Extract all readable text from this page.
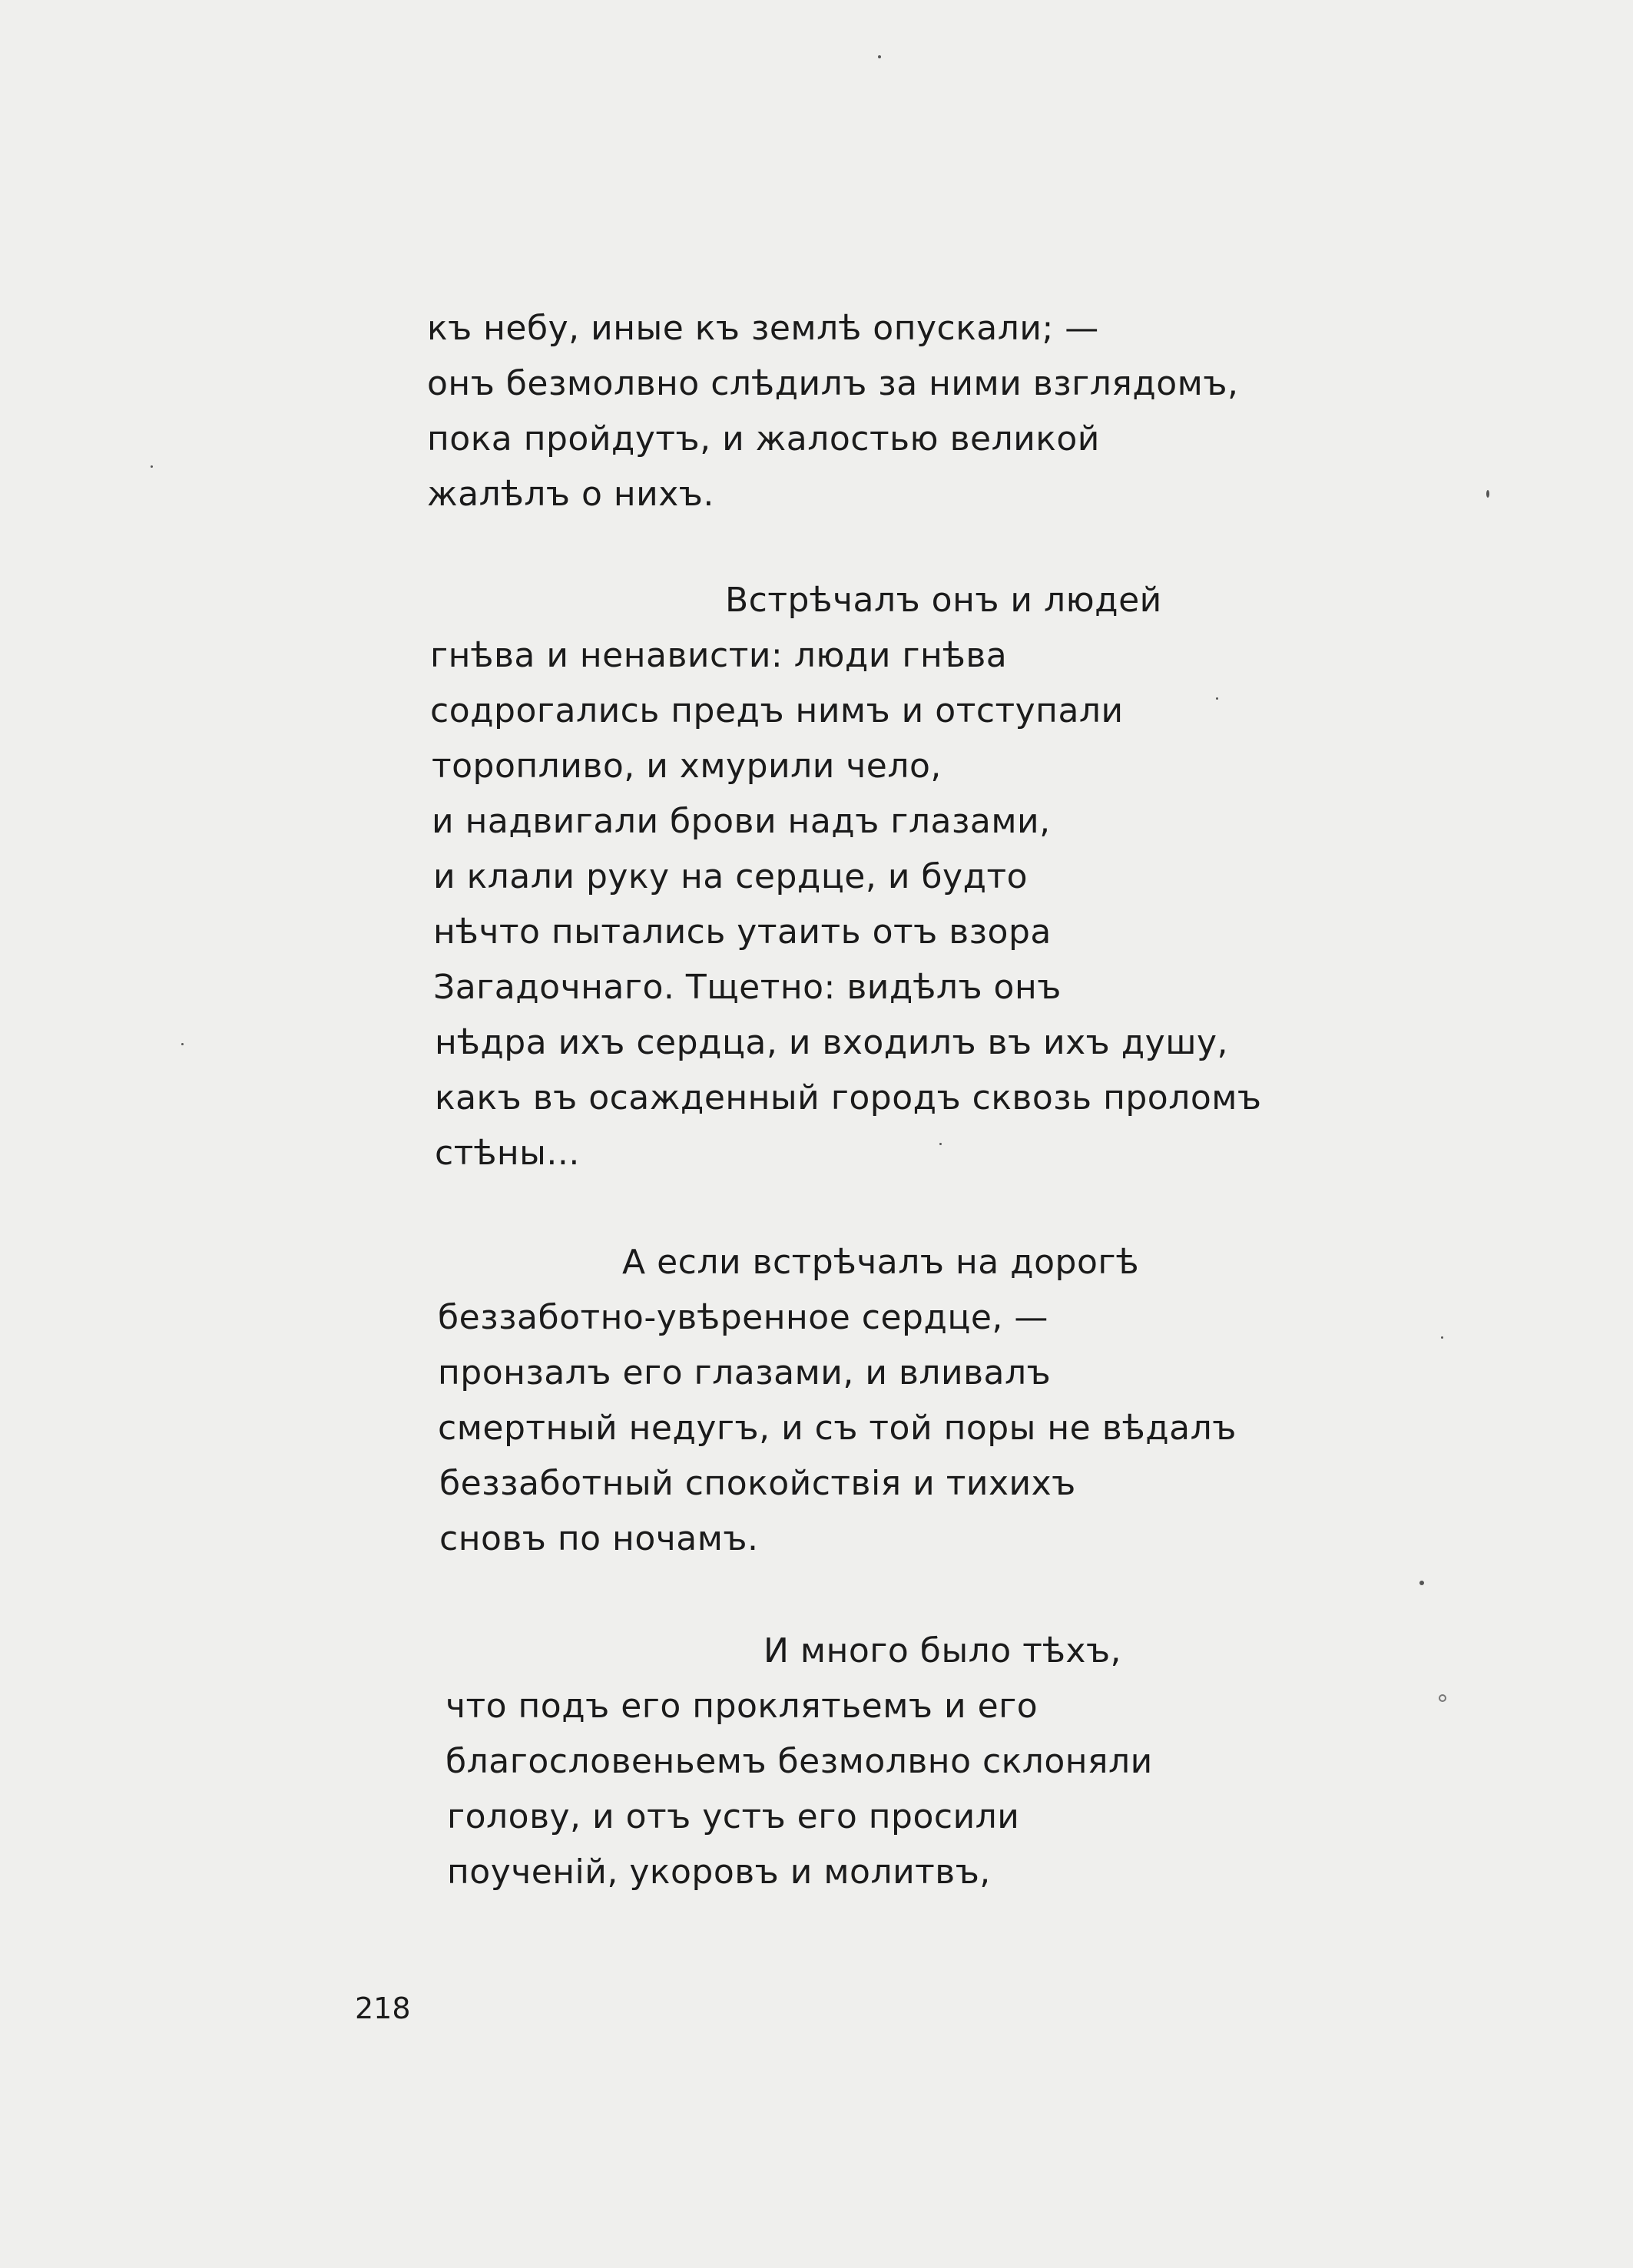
къ небу, иные къ землѣ опускали; —
онъ безмолвно слѣдилъ за ними взглядомъ,
пока пройдутъ, и жалостью великой
жалѣлъ о нихъ.
Встрѣчалъ онъ и людей
гнѣва и ненависти: люди гнѣва
содрогались предъ нимъ и отступали
торопливо, и хмурили чело,
и надвигали брови надъ глазами,
и клали руку на сердце, и будто
нѣчто пытались утаить отъ взора
Загадочнаго. Тщетно: видѣлъ онъ
нѣдра ихъ сердца, и входилъ въ ихъ душу,
какъ въ осажденный городъ сквозь проломъ
стѣны...
А если встрѣчалъ на дорогѣ
беззаботно-увѣренное сердце, —
пронзалъ его глазами, и вливалъ
смертный недугъ, и съ той поры не вѣдалъ
беззаботный спокойствія и тихихъ
сновъ по ночамъ.
И много было тѣхъ,
что подъ его проклятьемъ и его
благословеньемъ безмолвно склоняли
голову, и отъ устъ его просили
поученій, укоровъ и молитвъ,
218
